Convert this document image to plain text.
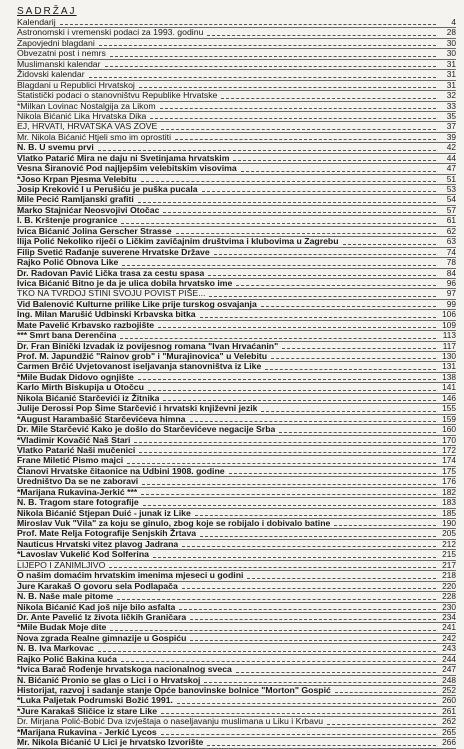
SADRŽAJ
Kalendarij	4
Astronomski i vremenski podaci za 1993. godinu	28
Zapovjedni blagdani	30
Obvezatni post i nemrs	30
Muslimanski kalendar	31
Židovski kalendar	31
Blagdani u Republici Hrvatskoj	31
Statistički podaci o stanovništvu Republike Hrvatske	32
*Milkan Lovinac Nostalgija za Likom	33
Nikola Bićanić Lika Hrvatska Dika	35
EJ, HRVATI, HRVATSKA VAS ZOVE	37
Mr. Nikola Bićanić Htjeli smo im oprostiti	39
N. B. U svemu prvi	42
Vlatko Patarić Mira ne daju ni Svetinjama hrvatskim	44
Vesna Širanović Pod najljepšim velebitskim visovima	47
*Joso Krpan Pjesma Velebitu	51
Josip Kreković I u Perušiću je puška pucala	53
Mile Pecić Ramljanski grafiti	54
Marko Stajnićar Neosvojivi Otočac	57
I. B. Krštenje progranice	61
Ivica Bićanić Jolina Gerscher Strasse	62
Ilija Polić Nekoliko riječi o Ličkim zavičajnim društvima i klubovima u Zagrebu	63
Filip Svetić Rađanje suverene Hrvatske Države	74
Rajko Polić Obnova Like	78
Dr. Radovan Pavić Lička trasa za cestu spasa	84
Ivica Bićanić Bitno je da je ulica dobila hrvatsko ime	96
TKO NA TVRDOJ STINI SVOJU POVIST PIŠE...	97
Vid Balenović Kulturne prilike Like prije turskog osvajanja	99
Ing. Milan Marušić Udbinski Krbavska bitka	106
Mate Pavelić Krbavsko razbojište	109
*** Smrt bana Derenčina	113
Dr. Fran Binički Izvadak iz povijesnog romana "Ivan Hrvaćanin"	117
Prof. M. Japundžić "Rainov grob" i "Murajinovica" u Velebitu	130
Carmen Brčić Uvjetovanost iseljavanja stanovništva iz Like	131
*Mile Budak Didovo ognjište	138
Karlo Mirth Biskupija u Otočcu	141
Nikola Bićanić Starčevići iz Žitnika	146
Julije Derossi Pop Šime Starčević i hrvatski književni jezik	155
*August Harambašić Starčevićeva himna	159
Dr. Mile Starčević Kako je došlo do Starčevićeve negacije Srba	160
*Vladimir Kovačić Naš Stari	170
Vlatko Patarić Naši mučenici	172
Frane Miletić Pismo majci	174
Članovi Hrvatske čitaonice na Udbini 1908. godine	175
Uredništvo Da se ne zaboravi	176
*Marijana Rukavina-Jerkić ***	182
N. B. Tragom stare fotografije	183
Nikola Bićanić Stjepan Duić - junak iz Like	185
Miroslav Vuk "Vila" za koju se ginulo, zbog koje se robijalo i dobivalo batine	190
Prof. Mate Relja Fotografije Senjskih Žrtava	205
Nauticus Hrvatski vitez plavog Jadrana	212
*Lavoslav Vukelić Kod Solferina	215
LIJEPO I ZANIMLJIVO	217
O našim domaćim hrvatskim imenima mjeseci u godini	218
Jure Karakaš O govoru sela Podlapača	220
N. B. Naše male pitome	228
Nikola Bićanić Kad još nije bilo asfalta	230
Dr. Ante Pavelić Iz života ličkih Graničara	234
*Mile Budak Moje dite	241
Nova zgrada Realne gimnazije u Gospiću	242
N. B. Iva Markovac	243
Rajko Polić Bakina kuća	244
*Ivica Barač Rođenje hrvatskoga nacionalnog sveca	247
N. Bićanić Pronio se glas o Lici i o Hrvatskoj	248
Historijat, razvoj i sadanje stanje Opće banovinske bolnice "Morton" Gospić	252
*Luka Paljetak Podrumski Božić 1991.	260
*Jure Karakaš Sličice iz stare Like	261
Dr. Mirjana Polić-Bobić Dva izvještaja o naseljavanju muslimana u Liku i Krbavu	262
*Marijana Rukavina - Jerkić Lycos	265
Mr. Nikola Bićanić U Lici je hrvatsko Izvorište	266
